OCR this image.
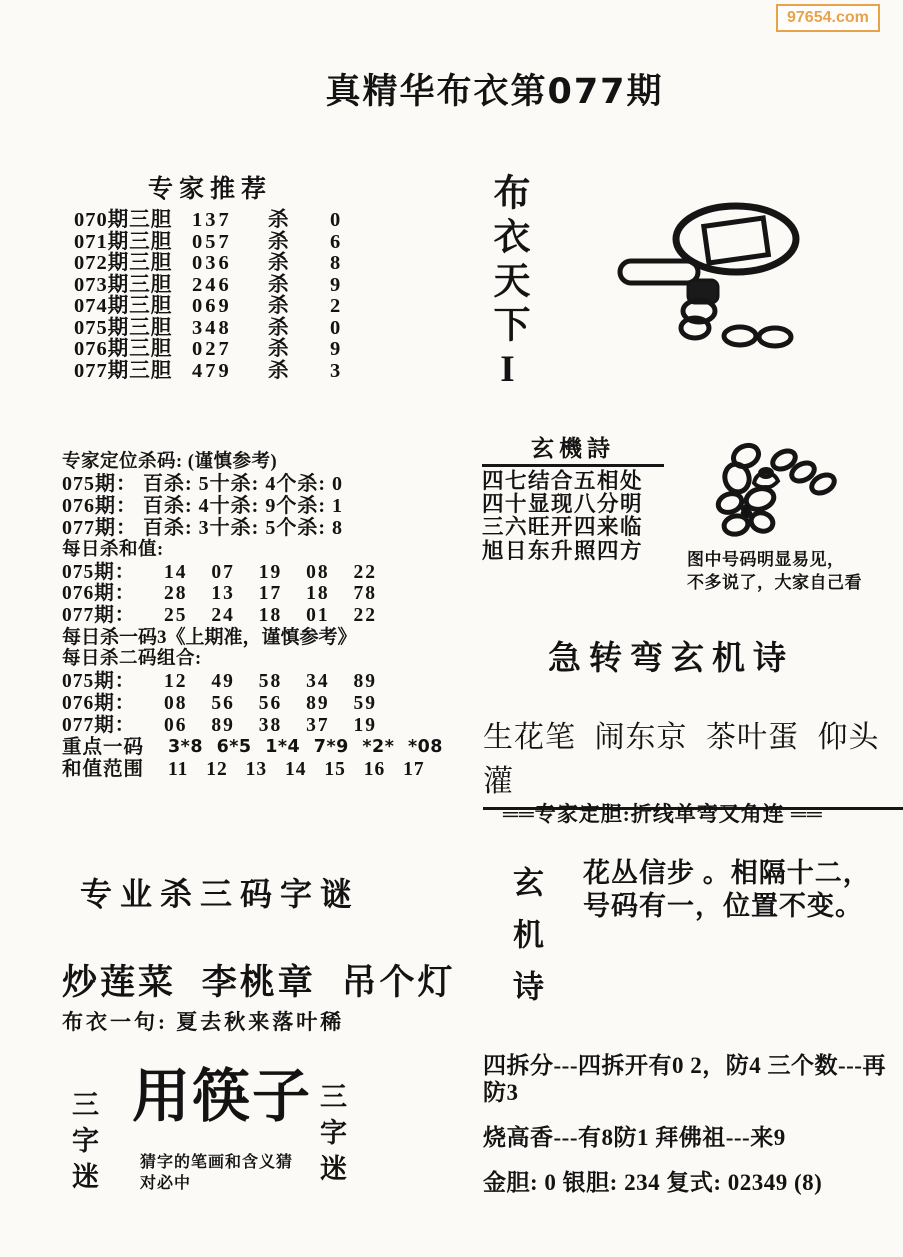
97654.com
真精华布衣第077期
专家推荐
070期三胆 137	杀	0
071期三胆 057	杀	6
072期三胆 036	杀	8
073期三胆 246	杀	9
074期三胆 069	杀	2
075期三胆 348	杀	0
076期三胆 027	杀	9
077期三胆 479	杀	3
专家定位杀码: (谨慎参考)
075期： 百杀: 5十杀: 4个杀: 0
076期： 百杀: 4十杀: 9个杀: 1
077期： 百杀: 3十杀: 5个杀: 8
每日杀和值:
075期：	14 07 19 08 22
076期：	28 13 17 18 78
077期：	25 24 18 01 22
每日杀一码3《上期准，谨慎参考》
每日杀二码组合:
075期：	12 49 58 34 89
076期：	08 56 56 89 59
077期：	06 89 38 37 19
重点一码	3*8 6*5 1*4 7*9 *2* *08
和值范围	11 12 13 14 15 16 17
专业杀三码字谜
炒莲菜 李桃章 吊个灯
布衣一句: 夏去秋来落叶稀
三字迷 用筷子
猜字的笔画和含义猜
对必中	三字迷
布衣天下I
玄機詩
四七结合五相处
四十显现八分明
三六旺开四来临
旭日东升照四方	图中号码明显易见，
不多说了，大家自己看
急转弯玄机诗
生花笔 闹东京 茶叶蛋 仰头灌
══专家定胆:折线单弯又角连 ══
玄机诗 花丛信步 。相隔十二，
号码有一，位置不变。
四拆分---四拆开有0 2，防4 三个数---再防3
烧高香---有8防1 拜佛祖---来9
金胆: 0 银胆: 234 复式: 02349 (8)
